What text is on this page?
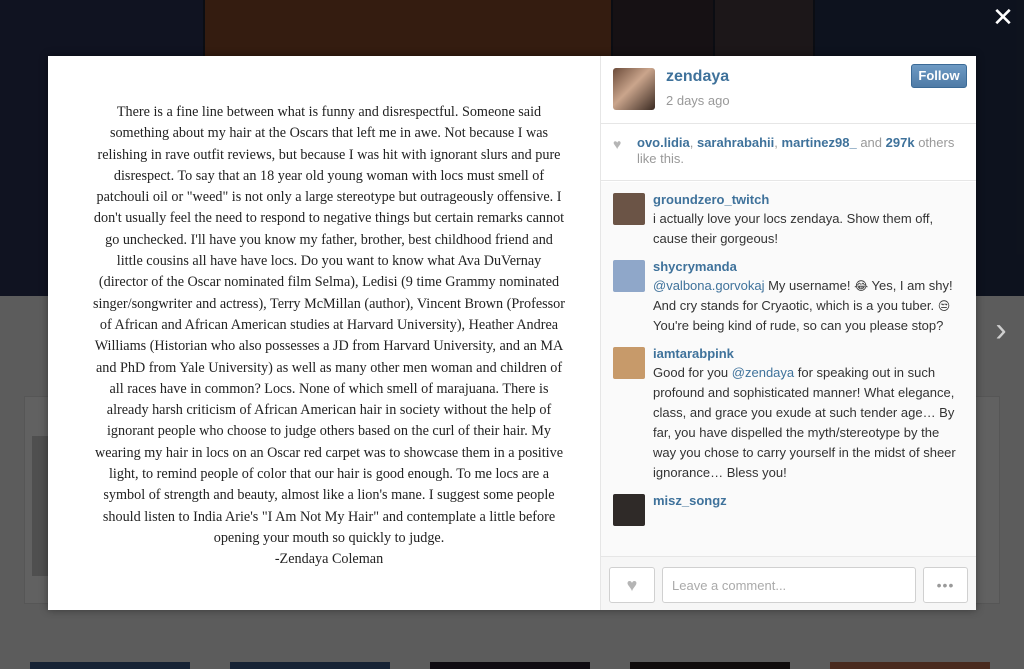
✕
›
There is a fine line between what is funny and disrespectful. Someone said
something about my hair at the Oscars that left me in awe. Not because I was
relishing in rave outfit reviews, but because I was hit with ignorant slurs and pure
disrespect. To say that an 18 year old young woman with locs must smell of
patchouli oil or "weed" is not only a large stereotype but outrageously offensive. I
don't usually feel the need to respond to negative things but certain remarks cannot
go unchecked. I'll have you know my father, brother, best childhood friend and
little cousins all have have locs. Do you want to know what Ava DuVernay
(director of the Oscar nominated film Selma), Ledisi (9 time Grammy nominated
singer/songwriter and actress), Terry McMillan (author), Vincent Brown (Professor
of African and African American studies at Harvard University), Heather Andrea
Williams (Historian who also possesses a JD from Harvard University, and an MA
and PhD from Yale University) as well as many other men woman and children of
all races have in common? Locs. None of which smell of marajuana. There is
already harsh criticism of African American hair in society without the help of
ignorant people who choose to judge others based on the curl of their hair. My
wearing my hair in locs on an Oscar red carpet was to showcase them in a positive
light, to remind people of color that our hair is good enough. To me locs are a
symbol of strength and beauty, almost like a lion's mane. I suggest some people
should listen to India Arie's "I Am Not My Hair" and contemplate a little before
opening your mouth so quickly to judge.
-Zendaya Coleman
zendaya
2 days ago
Follow
♥ ovo.lidia, sarahrabahii, martinez98_ and 297k others like this.
groundzero_twitch
i actually love your locs zendaya. Show them off, cause their gorgeous!
shycrymanda
@valbona.gorvokaj My username! 😂 Yes, I am shy! And cry stands for Cryaotic, which is a you tuber. 😒 You're being kind of rude, so can you please stop?
iamtarabpink
Good for you @zendaya for speaking out in such profound and sophisticated manner! What elegance, class, and grace you exude at such tender age… By far, you have dispelled the myth/stereotype by the way you chose to carry yourself in the midst of sheer ignorance… Bless you!
misz_songz
♥
Leave a comment...	•••
